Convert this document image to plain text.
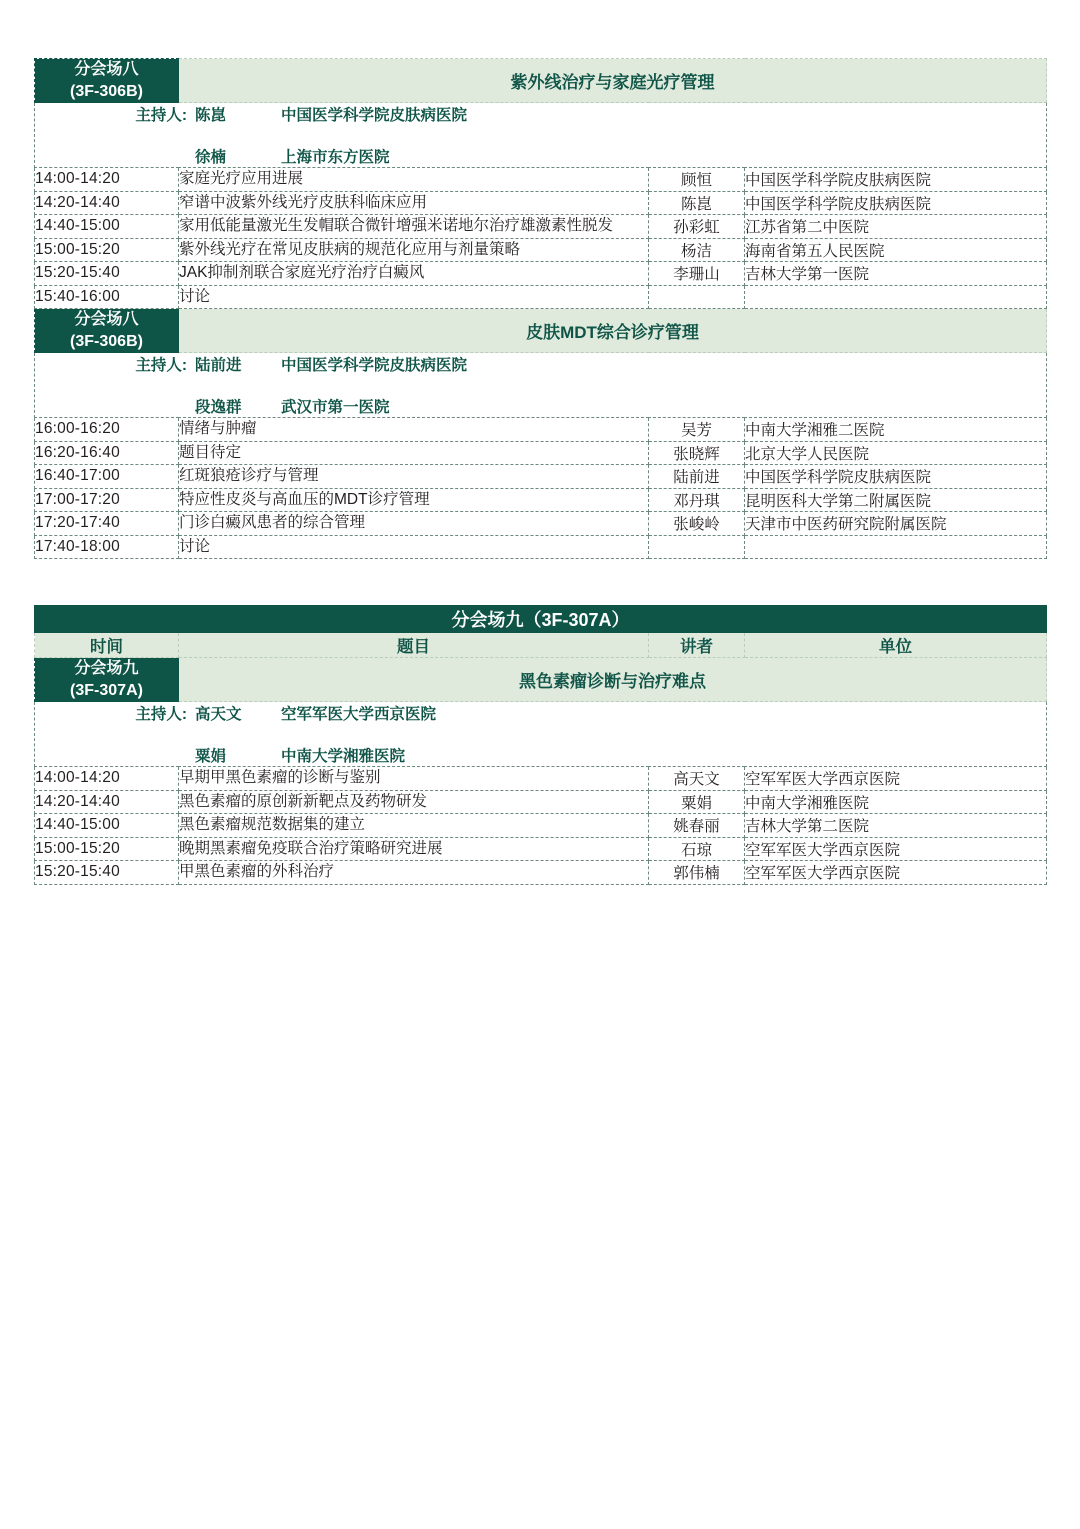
分会场八
(3F-306B)	紫外线治疗与家庭光疗管理		

主持人: 陈崑 中国医学科学院皮肤病医院
徐楠 上海市东方医院			

14:00-14:20	家庭光疗应用进展	顾恒	中国医学科学院皮肤病医院
14:20-14:40	窄谱中波紫外线光疗皮肤科临床应用	陈崑	中国医学科学院皮肤病医院
14:40-15:00	家用低能量激光生发帽联合微针增强米诺地尔治疗雄激素性脱发	孙彩虹	江苏省第二中医院
15:00-15:20	紫外线光疗在常见皮肤病的规范化应用与剂量策略	杨洁	海南省第五人民医院
15:20-15:40	JAK抑制剂联合家庭光疗治疗白癜风	李珊山	吉林大学第一医院
15:40-16:00	讨论		

分会场八
(3F-306B)	皮肤MDT综合诊疗管理		

主持人: 陆前进 中国医学科学院皮肤病医院
段逸群 武汉市第一医院			

16:00-16:20	情绪与肿瘤	吴芳	中南大学湘雅二医院
16:20-16:40	题目待定	张晓辉	北京大学人民医院
16:40-17:00	红斑狼疮诊疗与管理	陆前进	中国医学科学院皮肤病医院
17:00-17:20	特应性皮炎与高血压的MDT诊疗管理	邓丹琪	昆明医科大学第二附属医院
17:20-17:40	门诊白癜风患者的综合管理	张峻岭	天津市中医药研究院附属医院
17:40-18:00	讨论		
分会场九（3F-307A）			
时间	题目	讲者	单位

分会场九
(3F-307A)	黑色素瘤诊断与治疗难点		

主持人: 高天文 空军军医大学西京医院
粟娟 中南大学湘雅医院			

14:00-14:20	早期甲黑色素瘤的诊断与鉴别	高天文	空军军医大学西京医院
14:20-14:40	黑色素瘤的原创新新靶点及药物研发	粟娟	中南大学湘雅医院
14:40-15:00	黑色素瘤规范数据集的建立	姚春丽	吉林大学第二医院
15:00-15:20	晚期黑素瘤免疫联合治疗策略研究进展	石琼	空军军医大学西京医院
15:20-15:40	甲黑色素瘤的外科治疗	郭伟楠	空军军医大学西京医院
